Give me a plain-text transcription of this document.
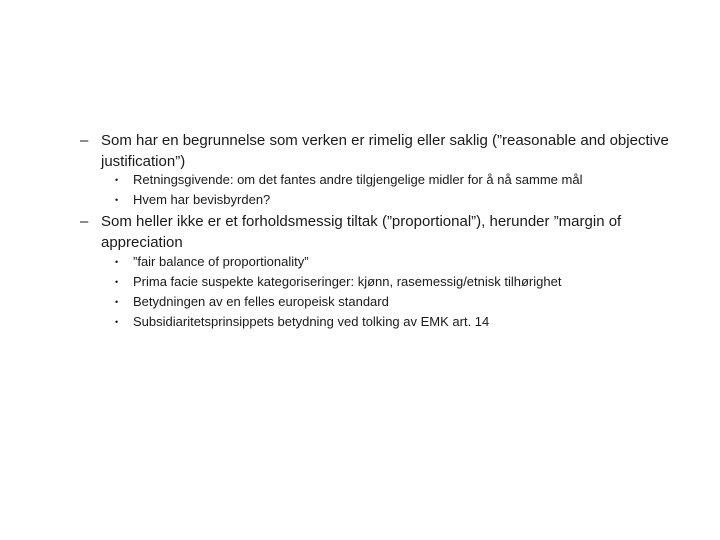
– Som har en begrunnelse som verken er rimelig eller saklig (”reasonable and objective justification”)
• Retningsgivende: om det fantes andre tilgjengelige midler for å nå samme mål
• Hvem har bevisbyrden?
– Som heller ikke er et forholdsmessig tiltak (”proportional”), herunder ”margin of appreciation
• ”fair balance of proportionality”
• Prima facie suspekte kategoriseringer: kjønn, rasemessig/etnisk tilhørighet
• Betydningen av en felles europeisk standard
• Subsidiaritetsprinsippets betydning ved tolking av EMK art. 14
